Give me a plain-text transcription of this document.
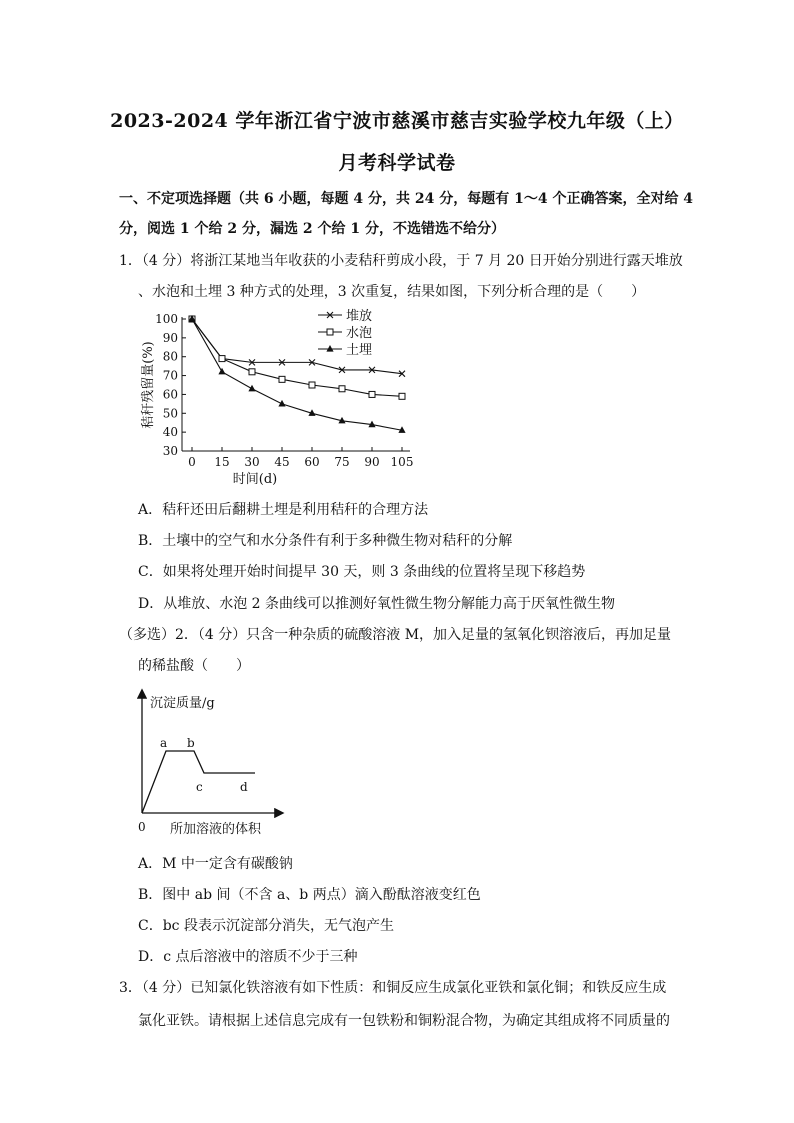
2023-2024 学年浙江省宁波市慈溪市慈吉实验学校九年级（上）
月考科学试卷
一、不定项选择题（共 6 小题，每题 4 分，共 24 分，每题有 1～4 个正确答案，全对给 4
分，阅选 1 个给 2 分，漏选 2 个给 1 分，不选错选不给分）
1．（4 分）将浙江某地当年收获的小麦秸秆剪成小段，于 7 月 20 日开始分别进行露天堆放
、水泡和土埋 3 种方式的处理，3 次重复，结果如图，下列分析合理的是（　　）
100
90
80
70
60
50
40
30
0 15 30 45 60 75 90 105
堆放
水泡
土埋
秸秆残留量(%)
时间(d)
A．秸秆还田后翻耕土埋是利用秸秆的合理方法
B．土壤中的空气和水分条件有利于多种微生物对秸秆的分解
C．如果将处理开始时间提早 30 天，则 3 条曲线的位置将呈现下移趋势
D．从堆放、水泡 2 条曲线可以推测好氧性微生物分解能力高于厌氧性微生物
（多选）2．（4 分）只含一种杂质的硫酸溶液 M，加入足量的氢氧化钡溶液后，再加足量
的稀盐酸（　　）
沉淀质量/g
a b
c	d
0 所加溶液的体积
A．M 中一定含有碳酸钠
B．图中 ab 间（不含 a、b 两点）滴入酚酞溶液变红色
C．bc 段表示沉淀部分消失，无气泡产生
D．c 点后溶液中的溶质不少于三种
3．（4 分）已知氯化铁溶液有如下性质：和铜反应生成氯化亚铁和氯化铜；和铁反应生成
氯化亚铁。请根据上述信息完成有一包铁粉和铜粉混合物，为确定其组成将不同质量的
